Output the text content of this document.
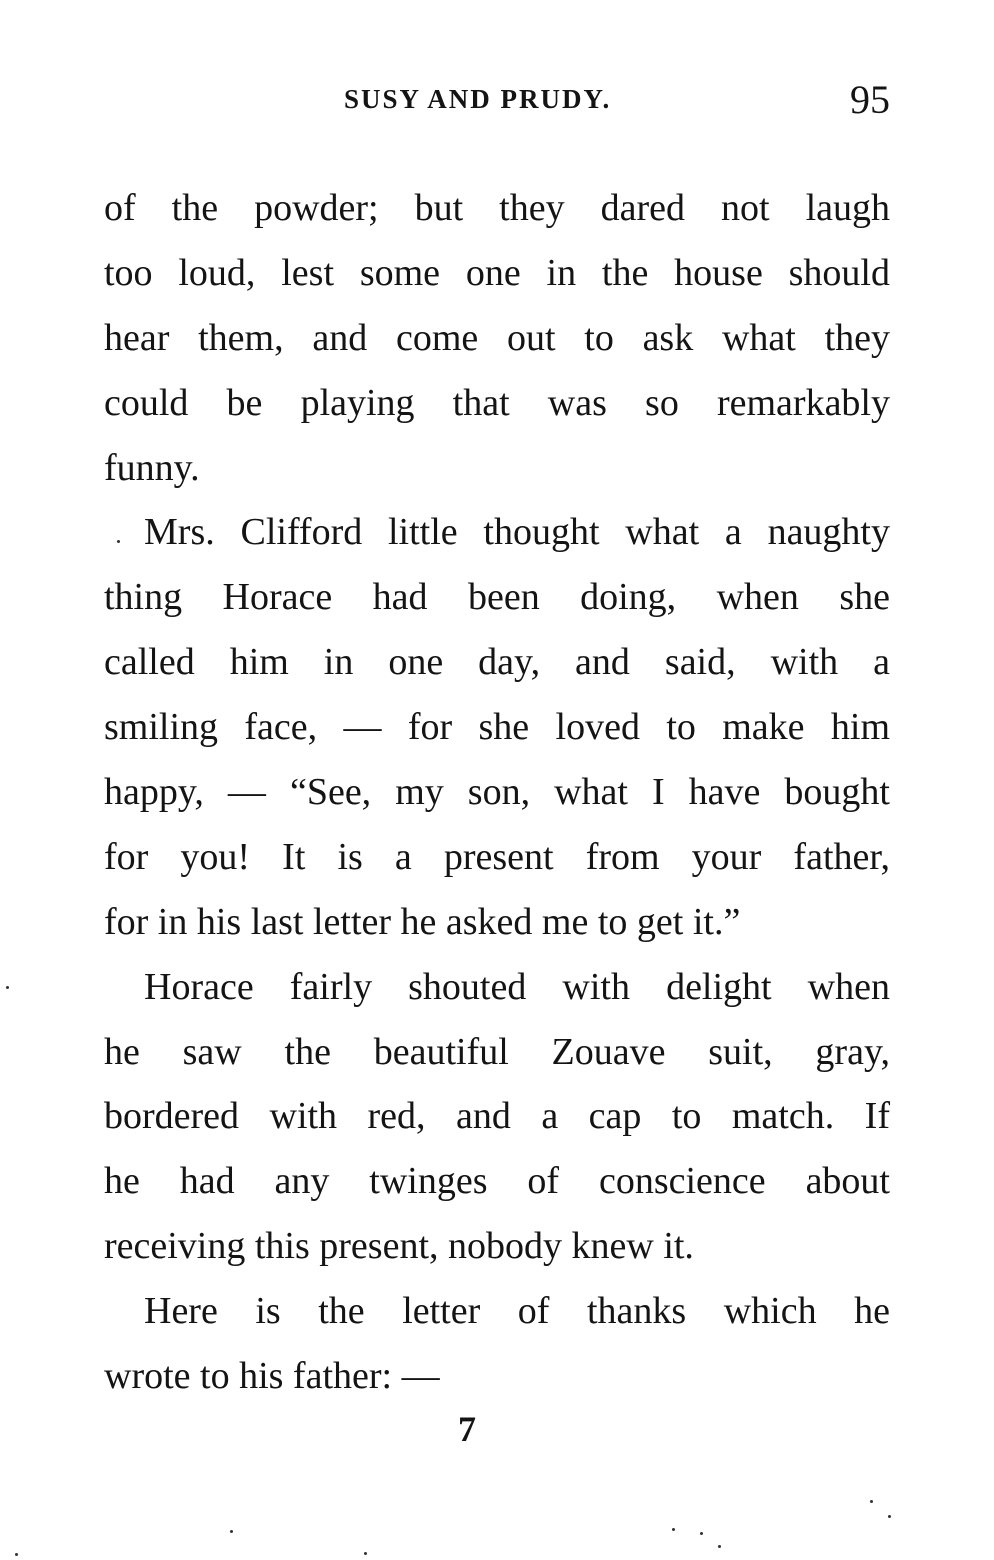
SUSY AND PRUDY.	95
of the powder; but they dared not laugh
too loud, lest some one in the house should
hear them, and come out to ask what they
could be playing that was so remarkably
funny.
Mrs. Clifford little thought what a naughty
thing Horace had been doing, when she
called him in one day, and said, with a
smiling face, — for she loved to make him
happy, — “See, my son, what I have bought
for you! It is a present from your father,
for in his last letter he asked me to get it.”
Horace fairly shouted with delight when
he saw the beautiful Zouave suit, gray,
bordered with red, and a cap to match. If
he had any twinges of conscience about
receiving this present, nobody knew it.
Here is the letter of thanks which he
wrote to his father: —
7
